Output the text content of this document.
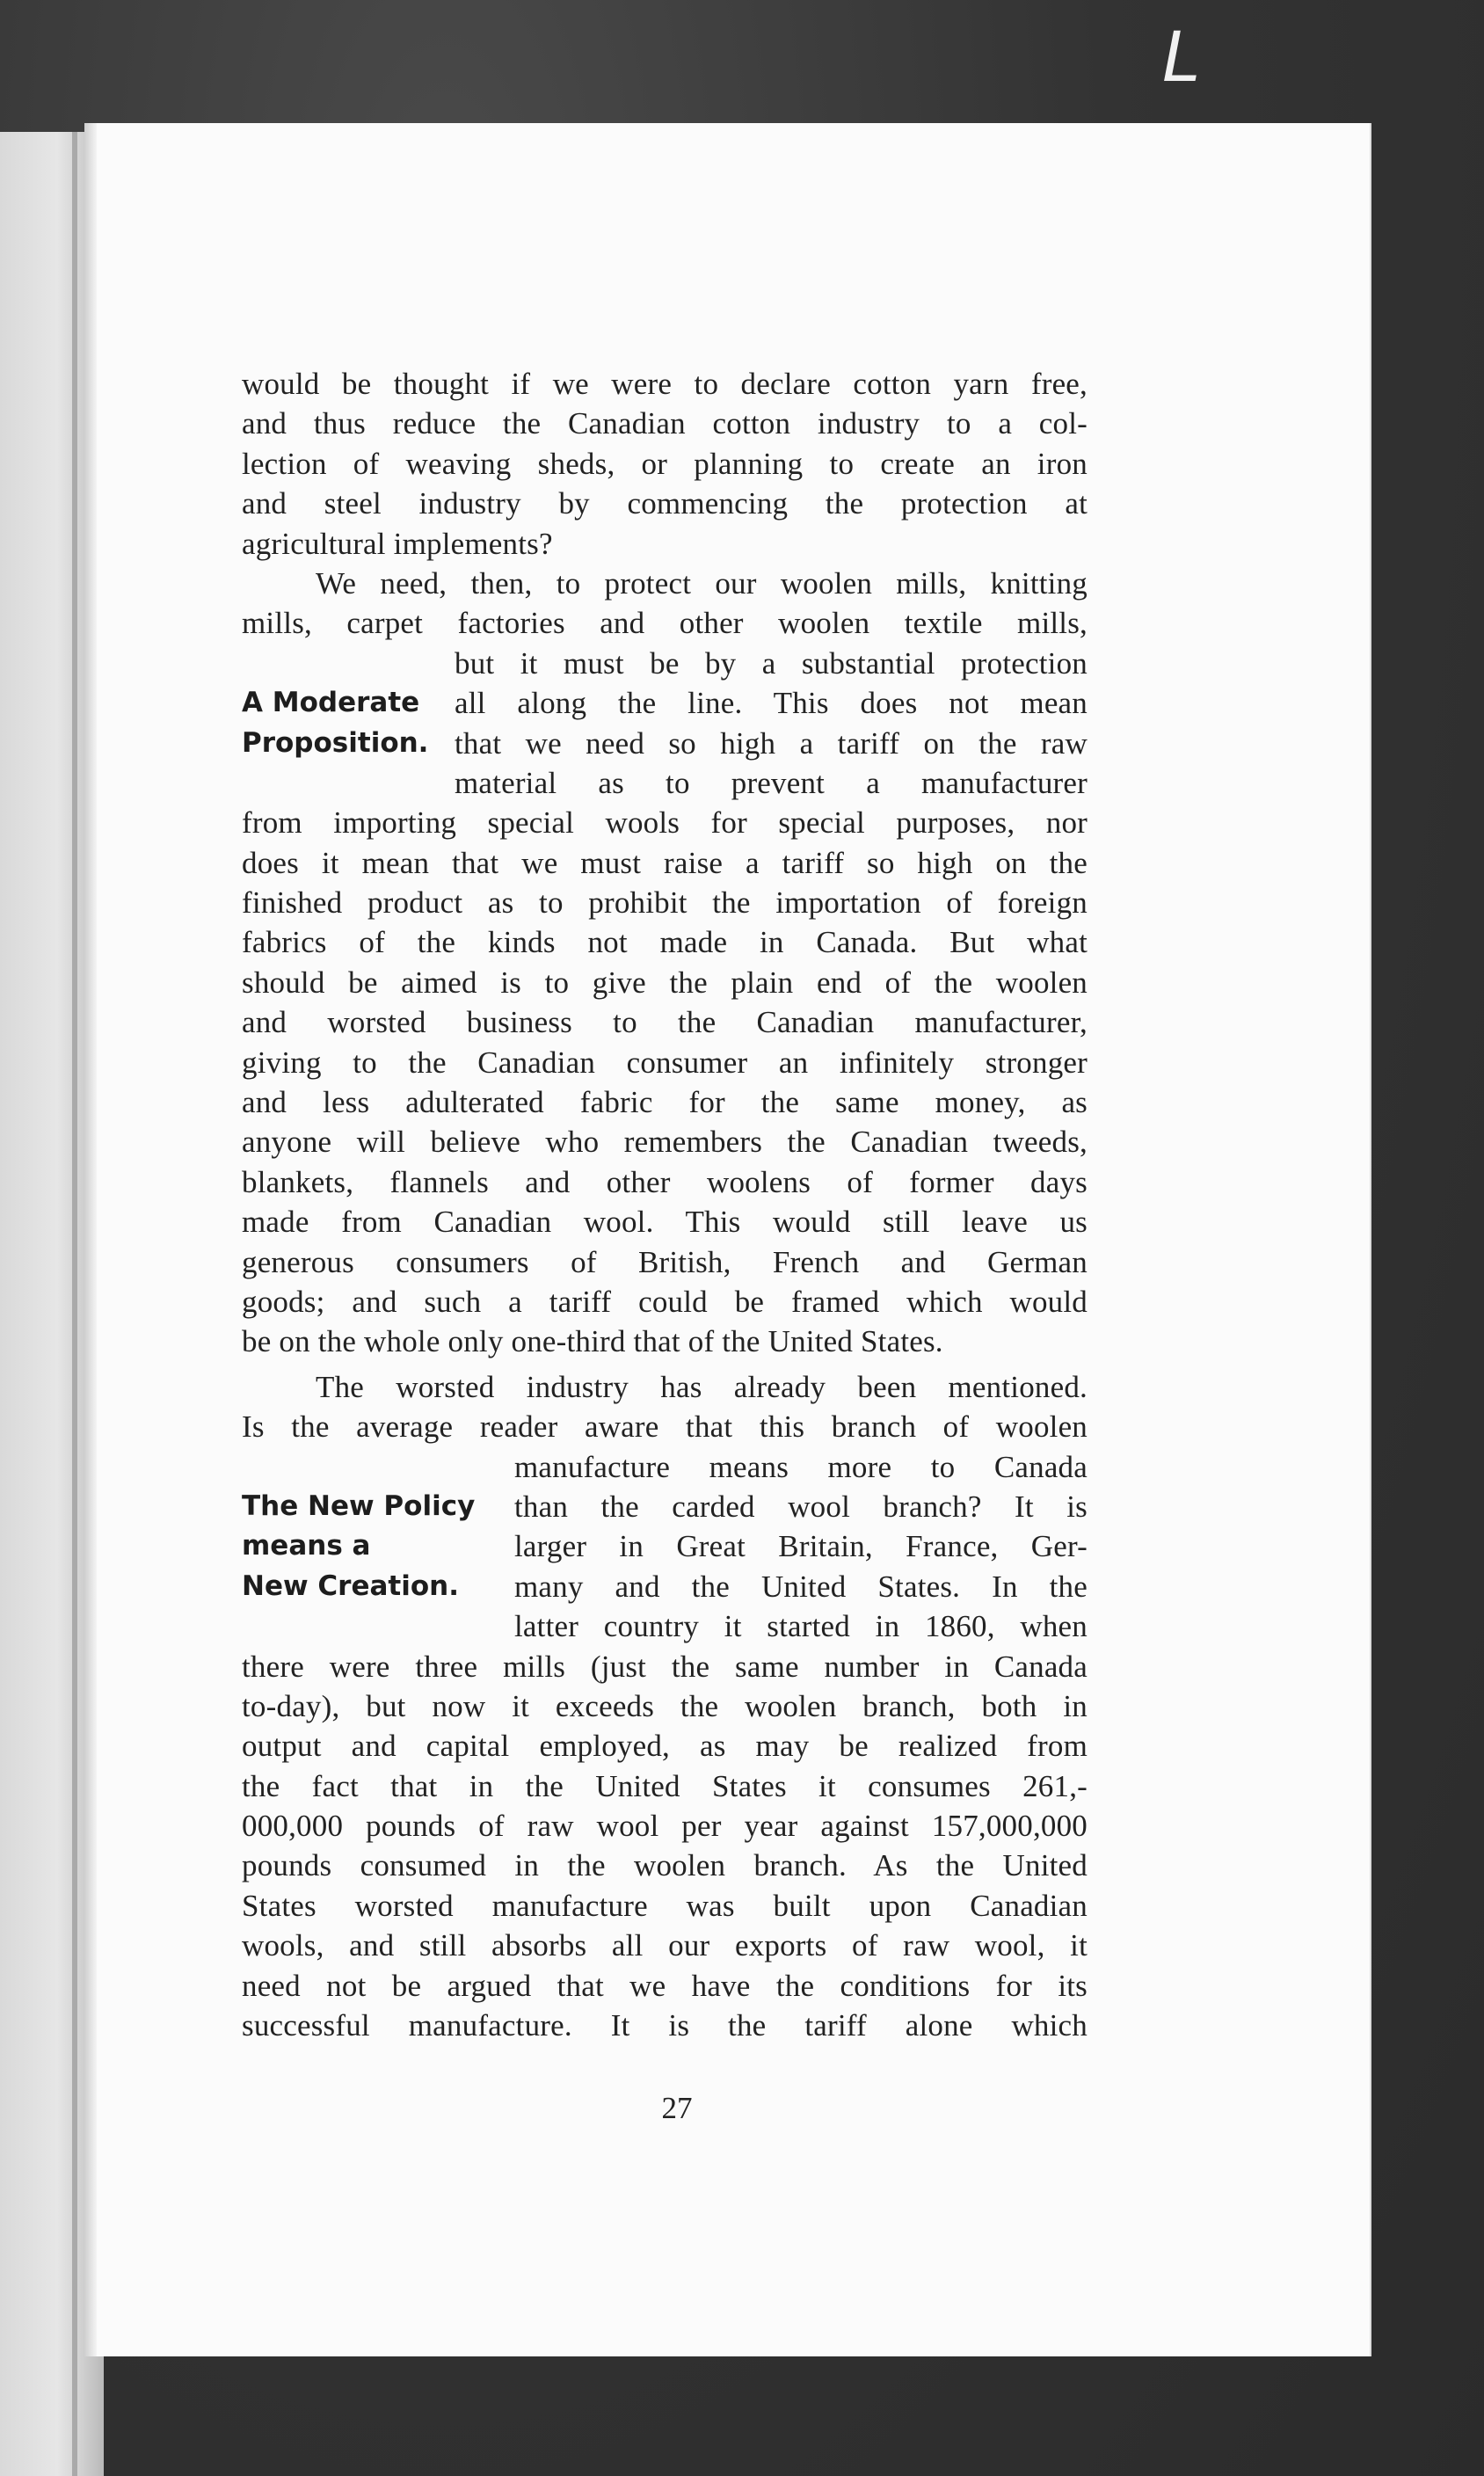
L
would be thought if we were to declare cotton yarn free,
and thus reduce the Canadian cotton industry to a col-
lection of weaving sheds, or planning to create an iron
and steel industry by commencing the protection at
agricultural implements?
We need, then, to protect our woolen mills, knitting
mills, carpet factories and other woolen textile mills,
but it must be by a substantial protection
A Moderate	all along the line. This does not mean
Proposition. that we need so high a tariff on the raw
material as to prevent a manufacturer
from importing special wools for special purposes, nor
does it mean that we must raise a tariff so high on the
finished product as to prohibit the importation of foreign
fabrics of the kinds not made in Canada. But what
should be aimed is to give the plain end of the woolen
and worsted business to the Canadian manufacturer,
giving to the Canadian consumer an infinitely stronger
and less adulterated fabric for the same money, as
anyone will believe who remembers the Canadian tweeds,
blankets, flannels and other woolens of former days
made from Canadian wool. This would still leave us
generous consumers of British, French and German
goods; and such a tariff could be framed which would
be on the whole only one-third that of the United States.
The worsted industry has already been mentioned.
Is the average reader aware that this branch of woolen
manufacture means more to Canada
The New Policy	than the carded wool branch? It is
means a	larger in Great Britain, France, Ger-
New Creation.	many and the United States. In the
latter country it started in 1860, when
there were three mills (just the same number in Canada
to-day), but now it exceeds the woolen branch, both in
output and capital employed, as may be realized from
the fact that in the United States it consumes 261,-
000,000 pounds of raw wool per year against 157,000,000
pounds consumed in the woolen branch. As the United
States worsted manufacture was built upon Canadian
wools, and still absorbs all our exports of raw wool, it
need not be argued that we have the conditions for its
successful manufacture. It is the tariff alone which
27
